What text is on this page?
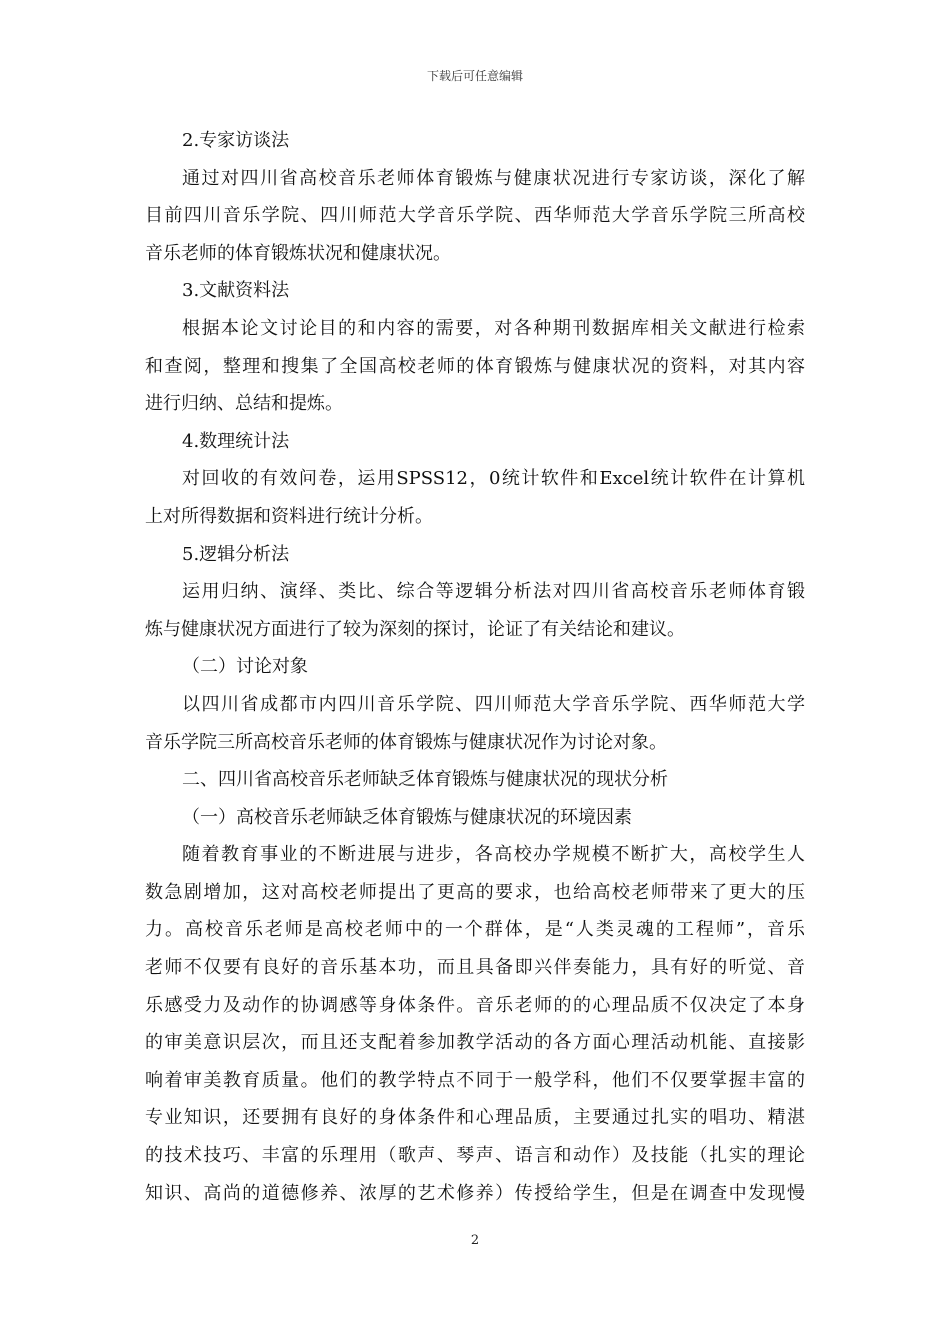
下载后可任意编辑
2.专家访谈法
通过对四川省高校音乐老师体育锻炼与健康状况进行专家访谈，深化了解
目前四川音乐学院、四川师范大学音乐学院、西华师范大学音乐学院三所高校
音乐老师的体育锻炼状况和健康状况。
3.文献资料法
根据本论文讨论目的和内容的需要，对各种期刊数据库相关文献进行检索
和查阅，整理和搜集了全国高校老师的体育锻炼与健康状况的资料，对其内容
进行归纳、总结和提炼。
4.数理统计法
对回收的有效问卷，运用SPSS12，0统计软件和Excel统计软件在计算机
上对所得数据和资料进行统计分析。
5.逻辑分析法
运用归纳、演绎、类比、综合等逻辑分析法对四川省高校音乐老师体育锻
炼与健康状况方面进行了较为深刻的探讨，论证了有关结论和建议。
（二）讨论对象
以四川省成都市内四川音乐学院、四川师范大学音乐学院、西华师范大学
音乐学院三所高校音乐老师的体育锻炼与健康状况作为讨论对象。
二、四川省高校音乐老师缺乏体育锻炼与健康状况的现状分析
（一）高校音乐老师缺乏体育锻炼与健康状况的环境因素
随着教育事业的不断进展与进步，各高校办学规模不断扩大，高校学生人
数急剧增加，这对高校老师提出了更高的要求，也给高校老师带来了更大的压
力。高校音乐老师是高校老师中的一个群体，是“人类灵魂的工程师”，音乐
老师不仅要有良好的音乐基本功，而且具备即兴伴奏能力，具有好的听觉、音
乐感受力及动作的协调感等身体条件。音乐老师的的心理品质不仅决定了本身
的审美意识层次，而且还支配着参加教学活动的各方面心理活动机能、直接影
响着审美教育质量。他们的教学特点不同于一般学科，他们不仅要掌握丰富的
专业知识，还要拥有良好的身体条件和心理品质，主要通过扎实的唱功、精湛
的技术技巧、丰富的乐理用（歌声、琴声、语言和动作）及技能（扎实的理论
知识、高尚的道德修养、浓厚的艺术修养）传授给学生，但是在调查中发现慢
2
